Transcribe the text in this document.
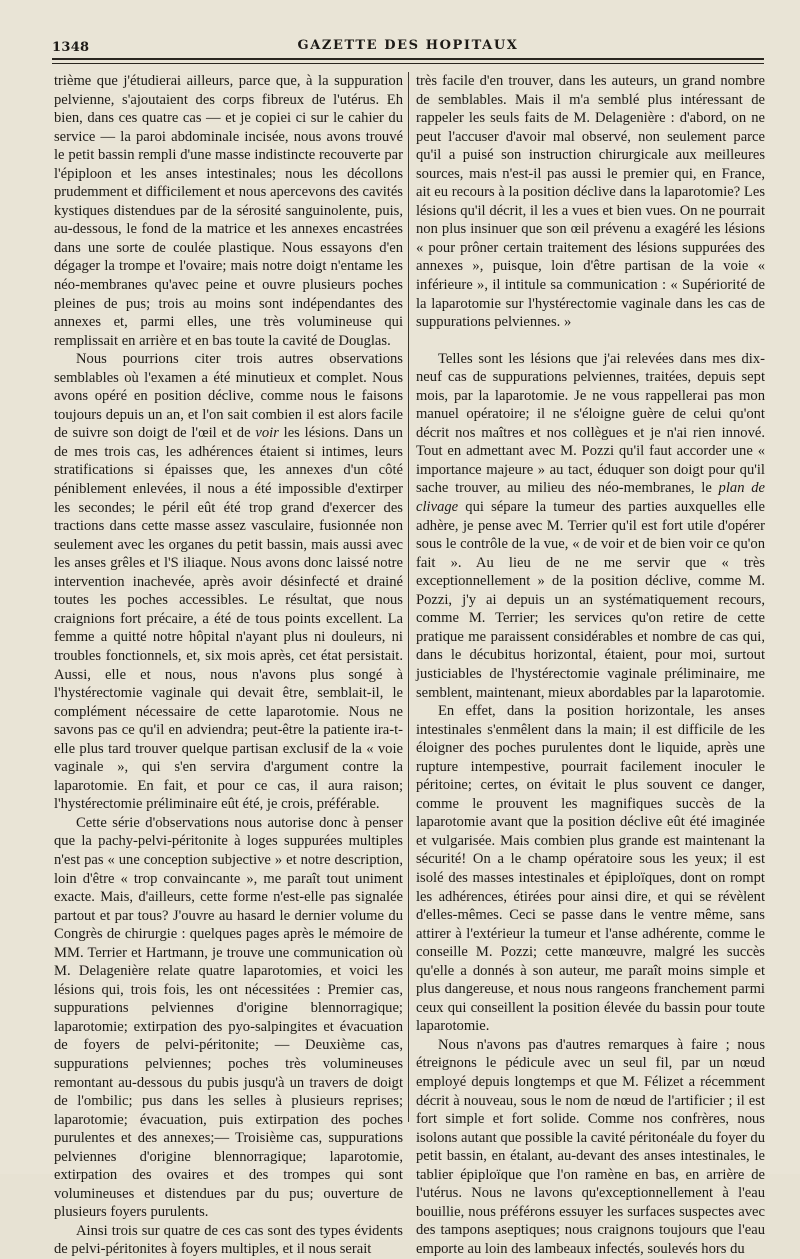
1348	GAZETTE DES HOPITAUX

trième que j'étudierai ailleurs, parce que, à la suppuration pelvienne, s'ajoutaient des corps fibreux de l'utérus. Eh bien, dans ces quatre cas — et je copiei ci sur le cahier du service — la paroi abdominale incisée, nous avons trouvé le petit bassin rempli d'une masse indistincte recouverte par l'épiploon et les anses intestinales; nous les décollons prudemment et difficilement et nous apercevons des cavités kystiques distendues par de la sérosité sanguinolente, puis, au-dessous, le fond de la matrice et les annexes encastrées dans une sorte de coulée plastique. Nous essayons d'en dégager la trompe et l'ovaire; mais notre doigt n'entame les néo-membranes qu'avec peine et ouvre plusieurs poches pleines de pus; trois au moins sont indépendantes des annexes et, parmi elles, une très volumineuse qui remplissait en arrière et en bas toute la cavité de Douglas.

Nous pourrions citer trois autres observations semblables où l'examen a été minutieux et complet. Nous avons opéré en position déclive, comme nous le faisons toujours depuis un an, et l'on sait combien il est alors facile de suivre son doigt de l'œil et de voir les lésions. Dans un de mes trois cas, les adhérences étaient si intimes, leurs stratifications si épaisses que, les annexes d'un côté péniblement enlevées, il nous a été impossible d'extirper les secondes; le péril eût été trop grand d'exercer des tractions dans cette masse assez vasculaire, fusionnée non seulement avec les organes du petit bassin, mais aussi avec les anses grêles et l'S iliaque. Nous avons donc laissé notre intervention inachevée, après avoir désinfecté et drainé toutes les poches accessibles. Le résultat, que nous craignions fort précaire, a été de tous points excellent. La femme a quitté notre hôpital n'ayant plus ni douleurs, ni troubles fonctionnels, et, six mois après, cet état persistait. Aussi, elle et nous, nous n'avons plus songé à l'hystérectomie vaginale qui devait être, semblait-il, le complément nécessaire de cette laparotomie. Nous ne savons pas ce qu'il en adviendra; peut-être la patiente ira-t-elle plus tard trouver quelque partisan exclusif de la « voie vaginale », qui s'en servira d'argument contre la laparotomie. En fait, et pour ce cas, il aura raison; l'hystérectomie préliminaire eût été, je crois, préférable.

Cette série d'observations nous autorise donc à penser que la pachy-pelvi-péritonite à loges suppurées multiples n'est pas « une conception subjective » et notre description, loin d'être « trop convaincante », me paraît tout uniment exacte. Mais, d'ailleurs, cette forme n'est-elle pas signalée partout et par tous? J'ouvre au hasard le dernier volume du Congrès de chirurgie : quelques pages après le mémoire de MM. Terrier et Hartmann, je trouve une communication où M. Delagenière relate quatre laparotomies, et voici les lésions qui, trois fois, les ont nécessitées : Premier cas, suppurations pelviennes d'origine blennorragique; laparotomie; extirpation des pyo-salpingites et évacuation de foyers de pelvi-péritonite; — Deuxième cas, suppurations pelviennes; poches très volumineuses remontant au-dessous du pubis jusqu'à un travers de doigt de l'ombilic; pus dans les selles à plusieurs reprises; laparotomie; évacuation, puis extirpation des poches purulentes et des annexes;— Troisième cas, suppurations pelviennes d'origine blennorragique; laparotomie, extirpation des ovaires et des trompes qui sont volumineuses et distendues par du pus; ouverture de plusieurs foyers purulents.

Ainsi trois sur quatre de ces cas sont des types évidents de pelvi-péritonites à foyers multiples, et il nous serait

très facile d'en trouver, dans les auteurs, un grand nombre de semblables. Mais il m'a semblé plus intéressant de rappeler les seuls faits de M. Delagenière : d'abord, on ne peut l'accuser d'avoir mal observé, non seulement parce qu'il a puisé son instruction chirurgicale aux meilleures sources, mais n'est-il pas aussi le premier qui, en France, ait eu recours à la position déclive dans la laparotomie? Les lésions qu'il décrit, il les a vues et bien vues. On ne pourrait non plus insinuer que son œil prévenu a exagéré les lésions « pour prôner certain traitement des lésions suppurées des annexes », puisque, loin d'être partisan de la voie « inférieure », il intitule sa communication : « Supériorité de la laparotomie sur l'hystérectomie vaginale dans les cas de suppurations pelviennes. »

Telles sont les lésions que j'ai relevées dans mes dix-neuf cas de suppurations pelviennes, traitées, depuis sept mois, par la laparotomie. Je ne vous rappellerai pas mon manuel opératoire; il ne s'éloigne guère de celui qu'ont décrit nos maîtres et nos collègues et je n'ai rien innové. Tout en admettant avec M. Pozzi qu'il faut accorder une « importance majeure » au tact, éduquer son doigt pour qu'il sache trouver, au milieu des néo-membranes, le plan de clivage qui sépare la tumeur des parties auxquelles elle adhère, je pense avec M. Terrier qu'il est fort utile d'opérer sous le contrôle de la vue, « de voir et de bien voir ce qu'on fait ». Au lieu de ne me servir que « très exceptionnellement » de la position déclive, comme M. Pozzi, j'y ai depuis un an systématiquement recours, comme M. Terrier; les services qu'on retire de cette pratique me paraissent considérables et nombre de cas qui, dans le décubitus horizontal, étaient, pour moi, surtout justiciables de l'hystérectomie vaginale préliminaire, me semblent, maintenant, mieux abordables par la laparotomie.

En effet, dans la position horizontale, les anses intestinales s'enmêlent dans la main; il est difficile de les éloigner des poches purulentes dont le liquide, après une rupture intempestive, pourrait facilement inoculer le péritoine; certes, on évitait le plus souvent ce danger, comme le prouvent les magnifiques succès de la laparotomie avant que la position déclive eût été imaginée et vulgarisée. Mais combien plus grande est maintenant la sécurité! On a le champ opératoire sous les yeux; il est isolé des masses intestinales et épiploïques, dont on rompt les adhérences, étirées pour ainsi dire, et qui se révèlent d'elles-mêmes. Ceci se passe dans le ventre même, sans attirer à l'extérieur la tumeur et l'anse adhérente, comme le conseille M. Pozzi; cette manœuvre, malgré les succès qu'elle a donnés à son auteur, me paraît moins simple et plus dangereuse, et nous nous rangeons franchement parmi ceux qui conseillent la position élevée du bassin pour toute laparotomie.

Nous n'avons pas d'autres remarques à faire ; nous étreignons le pédicule avec un seul fil, par un nœud employé depuis longtemps et que M. Félizet a récemment décrit à nouveau, sous le nom de nœud de l'artificier ; il est fort simple et fort solide. Comme nos confrères, nous isolons autant que possible la cavité péritonéale du foyer du petit bassin, en étalant, au-devant des anses intestinales, le tablier épiploïque que l'on ramène en bas, en arrière de l'utérus. Nous ne lavons qu'exceptionnellement à l'eau bouillie, nous préférons essuyer les surfaces suspectes avec des tampons aseptiques; nous craignons toujours que l'eau emporte au loin des lambeaux infectés, soulevés hors du
